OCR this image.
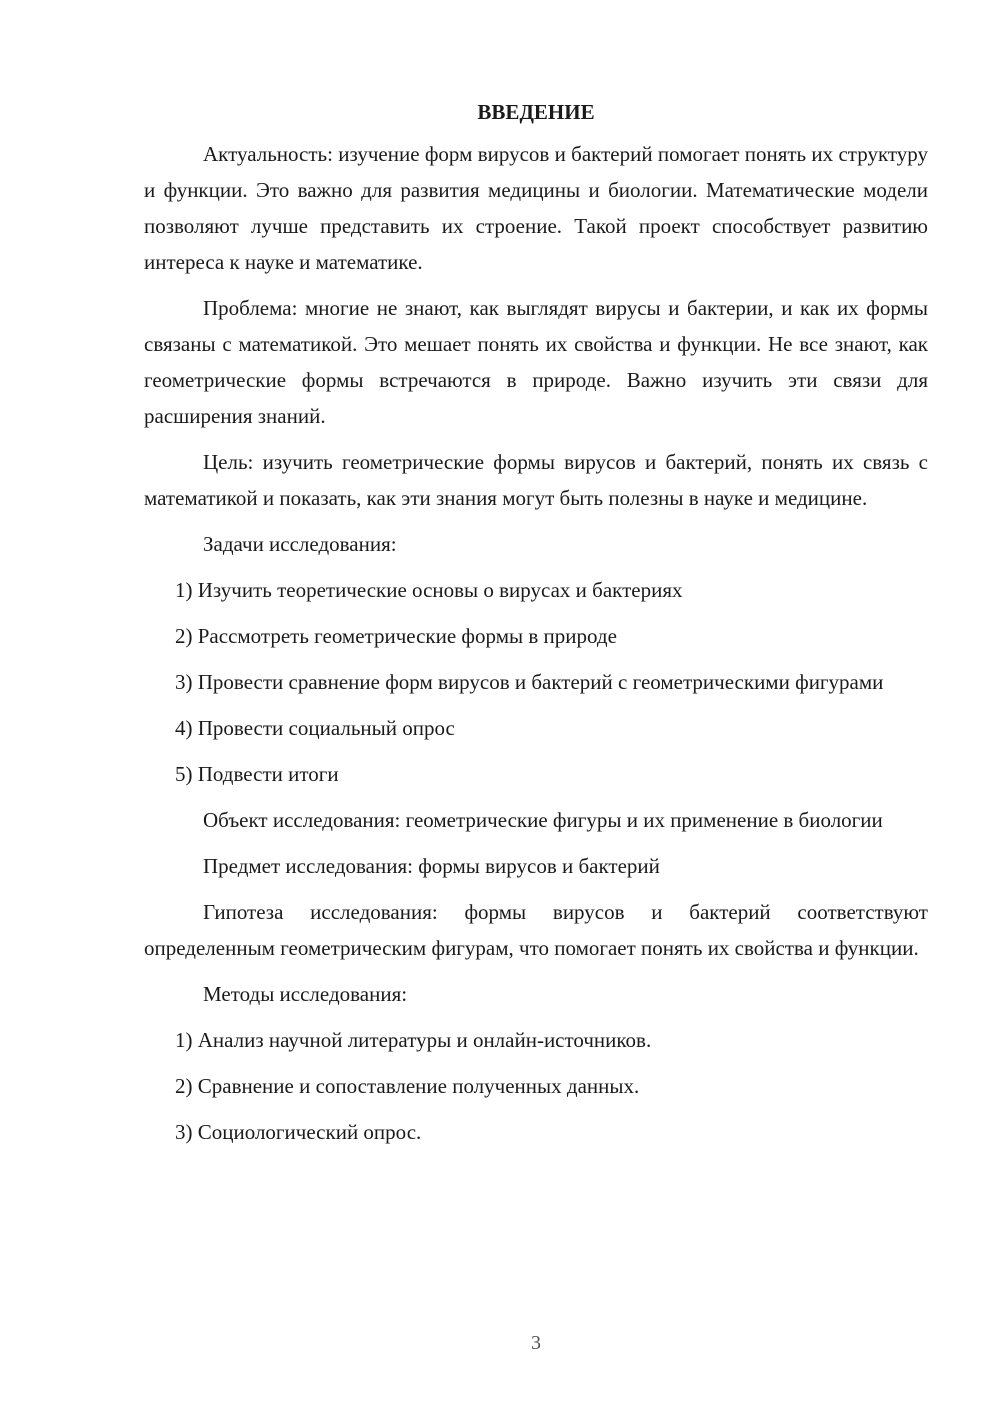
ВВЕДЕНИЕ

Актуальность: изучение форм вирусов и бактерий помогает понять их структуру и функции. Это важно для развития медицины и биологии. Математические модели позволяют лучше представить их строение. Такой проект способствует развитию интереса к науке и математике.

Проблема: многие не знают, как выглядят вирусы и бактерии, и как их формы связаны с математикой. Это мешает понять их свойства и функции. Не все знают, как геометрические формы встречаются в природе. Важно изучить эти связи для расширения знаний.

Цель: изучить геометрические формы вирусов и бактерий, понять их связь с математикой и показать, как эти знания могут быть полезны в науке и медицине.

Задачи исследования:

1) Изучить теоретические основы о вирусах и бактериях

2) Рассмотреть геометрические формы в природе

3) Провести сравнение форм вирусов и бактерий с геометрическими фигурами

4) Провести социальный опрос

5) Подвести итоги

Объект исследования: геометрические фигуры и их применение в биологии

Предмет исследования: формы вирусов и бактерий

Гипотеза исследования: формы вирусов и бактерий соответствуют определенным геометрическим фигурам, что помогает понять их свойства и функции.

Методы исследования:

1) Анализ научной литературы и онлайн-источников.

2) Сравнение и сопоставление полученных данных.

3) Социологический опрос.

3
